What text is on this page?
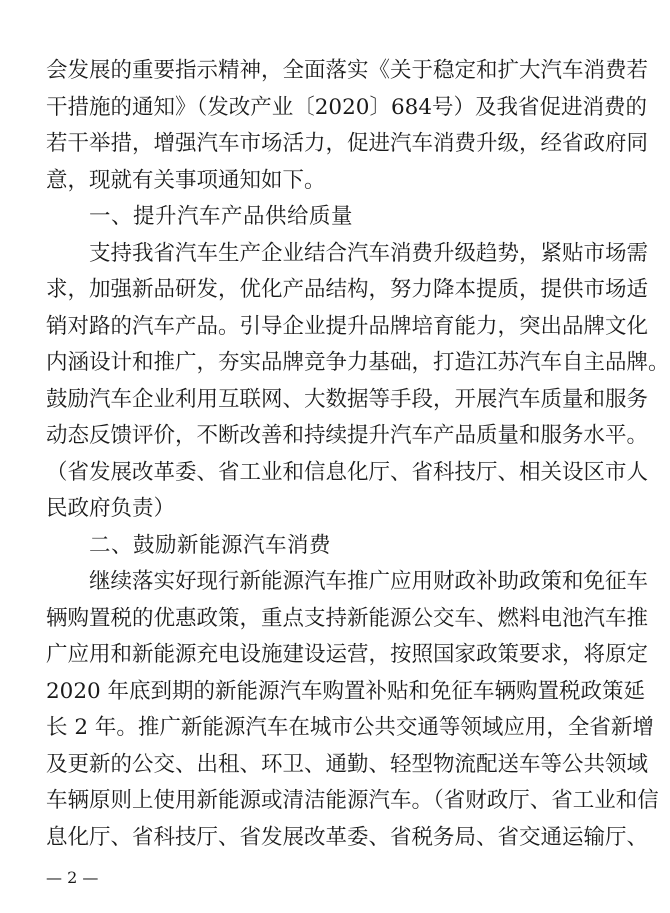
会发展的重要指示精神，全面落实《关于稳定和扩大汽车消费若
干措施的通知》（发改产业〔2020〕684号）及我省促进消费的
若干举措，增强汽车市场活力，促进汽车消费升级，经省政府同
意，现就有关事项通知如下。
一、提升汽车产品供给质量
支持我省汽车生产企业结合汽车消费升级趋势，紧贴市场需
求，加强新品研发，优化产品结构，努力降本提质，提供市场适
销对路的汽车产品。引导企业提升品牌培育能力，突出品牌文化
内涵设计和推广，夯实品牌竞争力基础，打造江苏汽车自主品牌。
鼓励汽车企业利用互联网、大数据等手段，开展汽车质量和服务
动态反馈评价，不断改善和持续提升汽车产品质量和服务水平。
（省发展改革委、省工业和信息化厅、省科技厅、相关设区市人
民政府负责）
二、鼓励新能源汽车消费
继续落实好现行新能源汽车推广应用财政补助政策和免征车
辆购置税的优惠政策，重点支持新能源公交车、燃料电池汽车推
广应用和新能源充电设施建设运营，按照国家政策要求，将原定
2020 年底到期的新能源汽车购置补贴和免征车辆购置税政策延
长 2 年。推广新能源汽车在城市公共交通等领域应用，全省新增
及更新的公交、出租、环卫、通勤、轻型物流配送车等公共领域
车辆原则上使用新能源或清洁能源汽车。（省财政厅、省工业和信
息化厅、省科技厅、省发展改革委、省税务局、省交通运输厅、
— 2 —
